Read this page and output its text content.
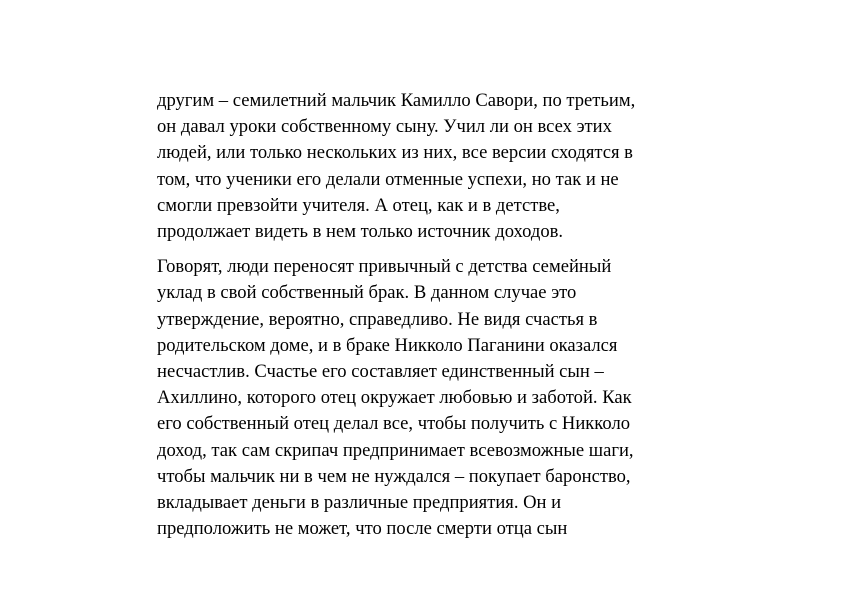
другим – семилетний мальчик Камилло Савори, по третьим,
он давал уроки собственному сыну. Учил ли он всех этих
людей, или только нескольких из них, все версии сходятся в
том, что ученики его делали отменные успехи, но так и не
смогли превзойти учителя. А отец, как и в детстве,
продолжает видеть в нем только источник доходов.

Говорят, люди переносят привычный с детства семейный
уклад в свой собственный брак. В данном случае это
утверждение, вероятно, справедливо. Не видя счастья в
родительском доме, и в браке Никколо Паганини оказался
несчастлив. Счастье его составляет единственный сын –
Ахиллино, которого отец окружает любовью и заботой. Как
его собственный отец делал все, чтобы получить с Никколо
доход, так сам скрипач предпринимает всевозможные шаги,
чтобы мальчик ни в чем не нуждался – покупает баронство,
вкладывает деньги в различные предприятия. Он и
предположить не может, что после смерти отца сын
